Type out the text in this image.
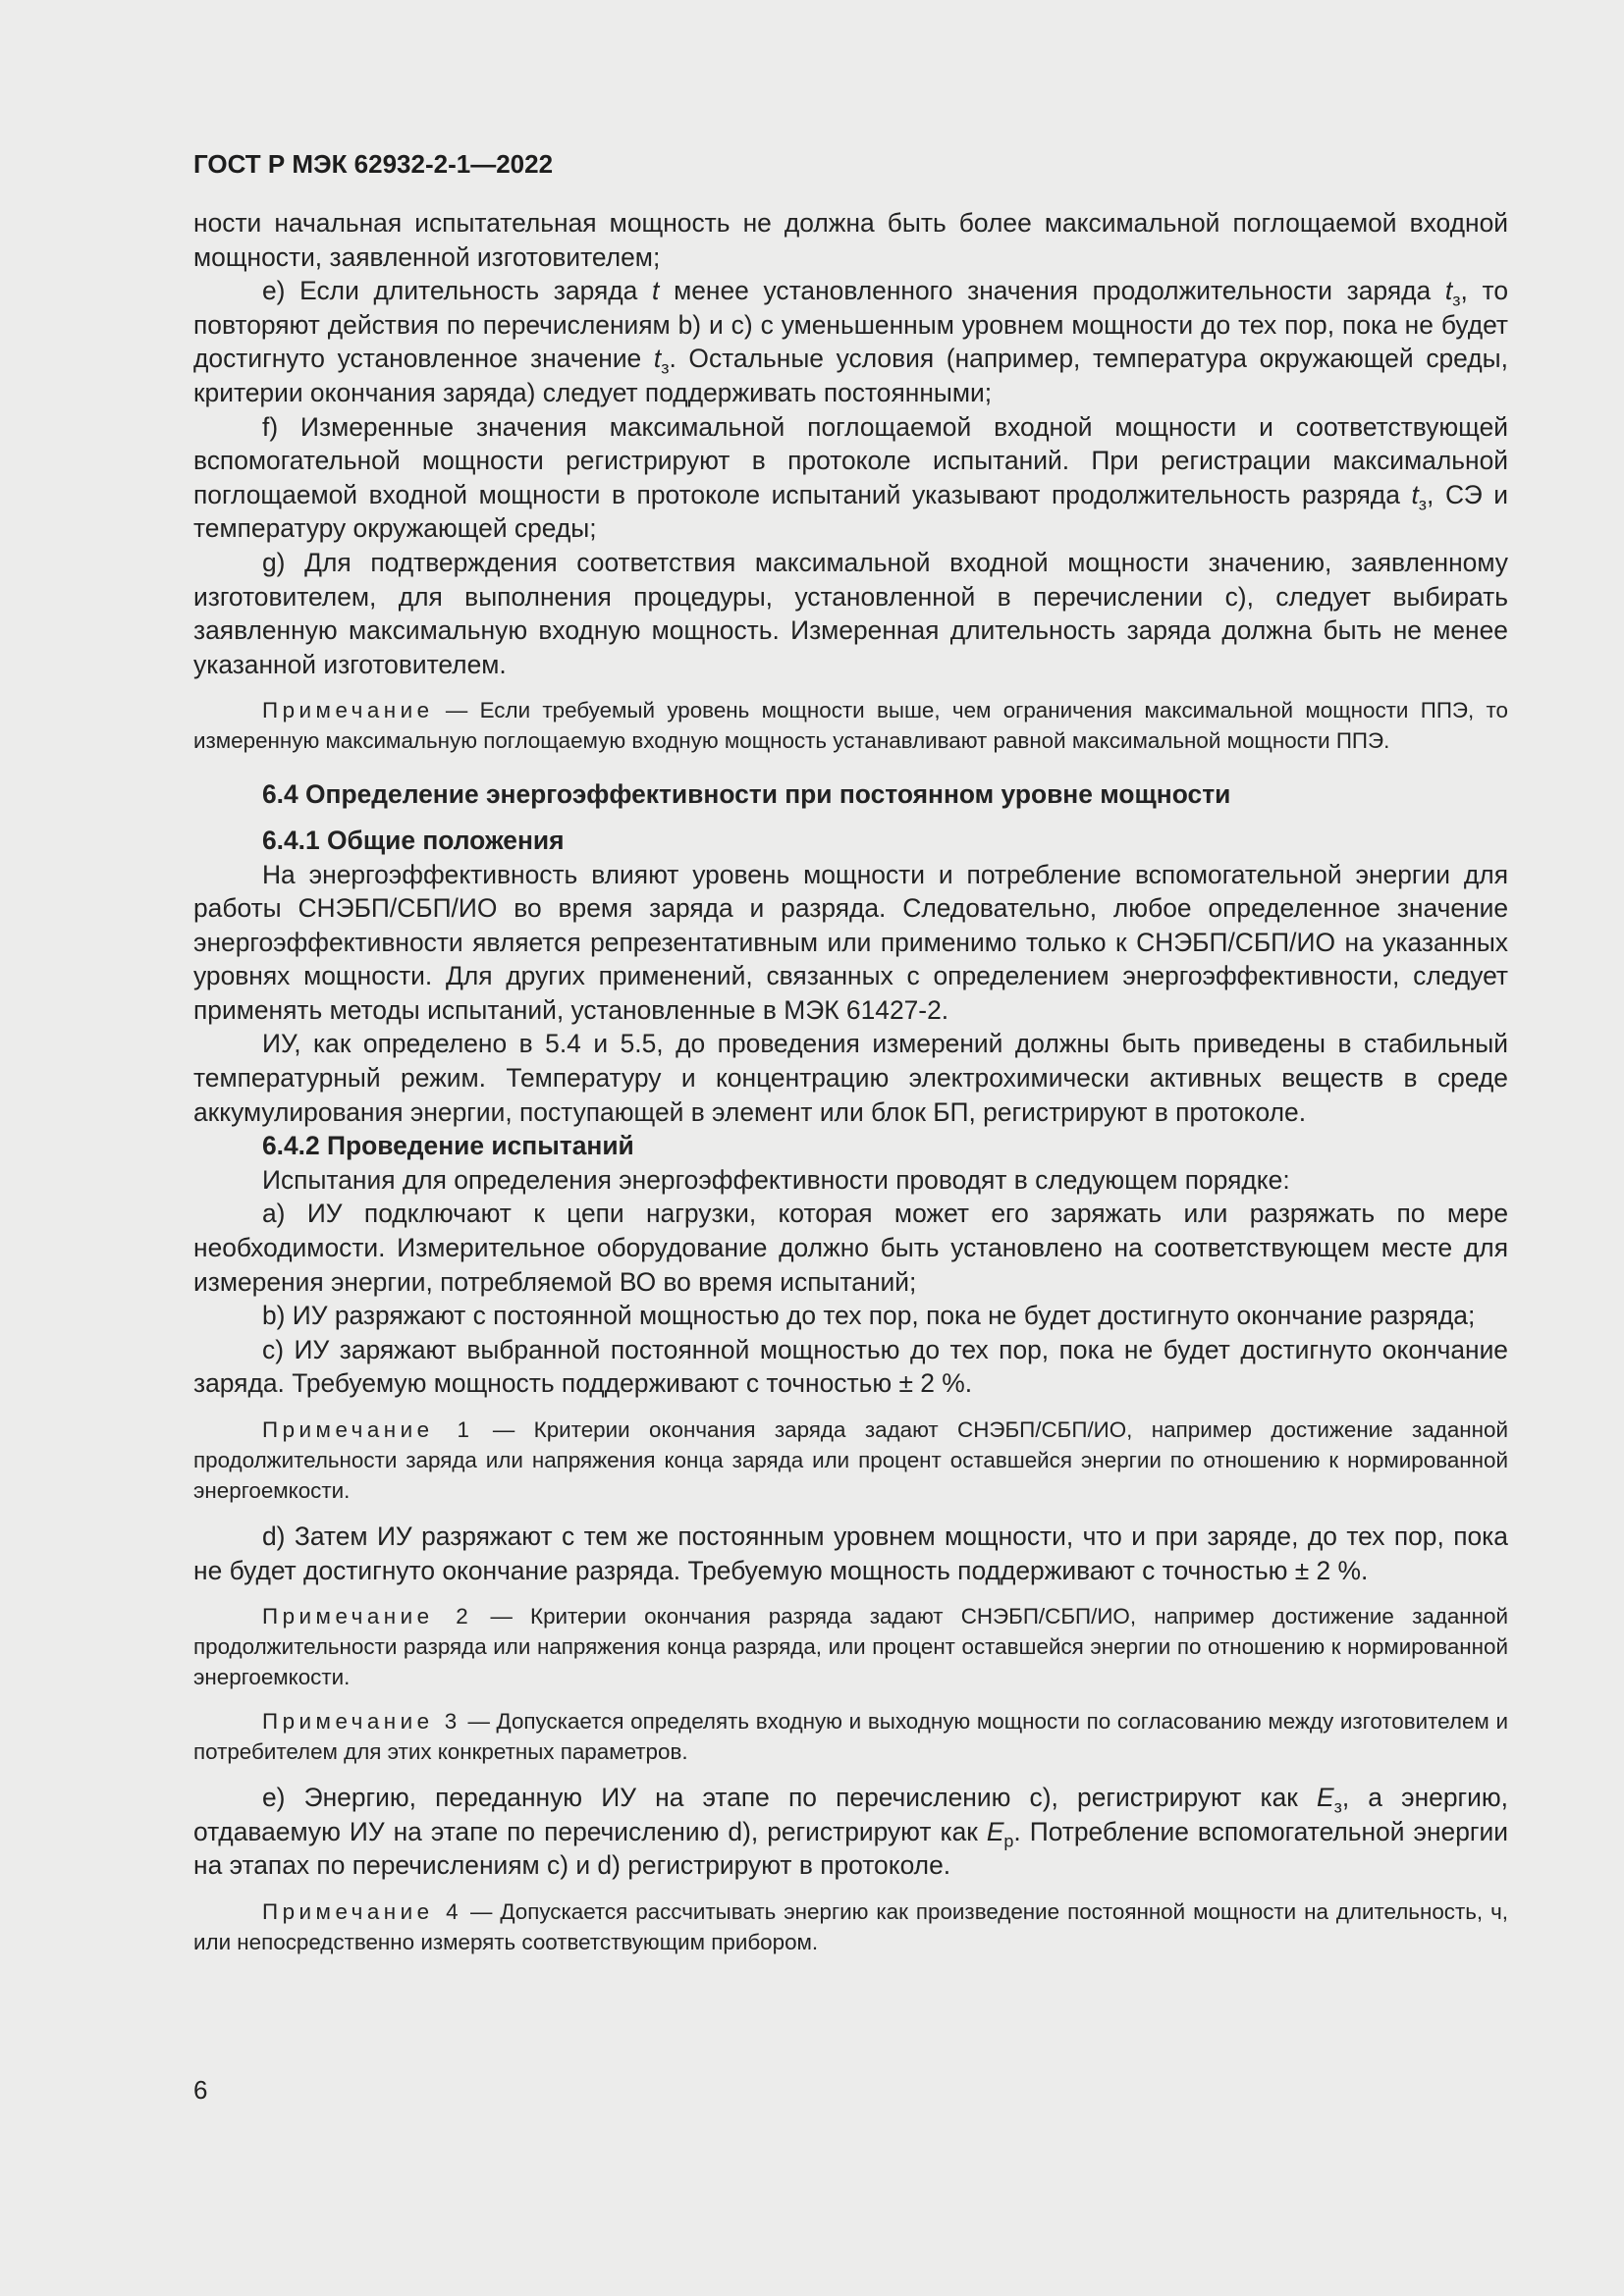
ГОСТ Р МЭК 62932-2-1—2022

ности начальная испытательная мощность не должна быть более максимальной поглощаемой входной мощности, заявленной изготовителем;

e) Если длительность заряда t менее установленного значения продолжительности заряда $t_з$, то повторяют действия по перечислениям b) и c) с уменьшенным уровнем мощности до тех пор, пока не будет достигнуто установленное значение $t_з$. Остальные условия (например, температура окружающей среды, критерии окончания заряда) следует поддерживать постоянными;

f) Измеренные значения максимальной поглощаемой входной мощности и соответствующей вспомогательной мощности регистрируют в протоколе испытаний. При регистрации максимальной поглощаемой входной мощности в протоколе испытаний указывают продолжительность разряда $t_з$, СЭ и температуру окружающей среды;

g) Для подтверждения соответствия максимальной входной мощности значению, заявленному изготовителем, для выполнения процедуры, установленной в перечислении c), следует выбирать заявленную максимальную входную мощность. Измеренная длительность заряда должна быть не менее указанной изготовителем.

Примечание — Если требуемый уровень мощности выше, чем ограничения максимальной мощности ППЭ, то измеренную максимальную поглощаемую входную мощность устанавливают равной максимальной мощности ППЭ.

6.4 Определение энергоэффективности при постоянном уровне мощности
6.4.1 Общие положения

На энергоэффективность влияют уровень мощности и потребление вспомогательной энергии для работы СНЭБП/СБП/ИО во время заряда и разряда. Следовательно, любое определенное значение энергоэффективности является репрезентативным или применимо только к СНЭБП/СБП/ИО на указанных уровнях мощности. Для других применений, связанных с определением энергоэффективности, следует применять методы испытаний, установленные в МЭК 61427-2.

ИУ, как определено в 5.4 и 5.5, до проведения измерений должны быть приведены в стабильный температурный режим. Температуру и концентрацию электрохимически активных веществ в среде аккумулирования энергии, поступающей в элемент или блок БП, регистрируют в протоколе.

6.4.2 Проведение испытаний

Испытания для определения энергоэффективности проводят в следующем порядке:

a) ИУ подключают к цепи нагрузки, которая может его заряжать или разряжать по мере необходимости. Измерительное оборудование должно быть установлено на соответствующем месте для измерения энергии, потребляемой ВО во время испытаний;

b) ИУ разряжают с постоянной мощностью до тех пор, пока не будет достигнуто окончание разряда;

c) ИУ заряжают выбранной постоянной мощностью до тех пор, пока не будет достигнуто окончание заряда. Требуемую мощность поддерживают с точностью ± 2 %.

Примечание 1 — Критерии окончания заряда задают СНЭБП/СБП/ИО, например достижение заданной продолжительности заряда или напряжения конца заряда или процент оставшейся энергии по отношению к нормированной энергоемкости.

d) Затем ИУ разряжают с тем же постоянным уровнем мощности, что и при заряде, до тех пор, пока не будет достигнуто окончание разряда. Требуемую мощность поддерживают с точностью ± 2 %.

Примечание 2 — Критерии окончания разряда задают СНЭБП/СБП/ИО, например достижение заданной продолжительности разряда или напряжения конца разряда, или процент оставшейся энергии по отношению к нормированной энергоемкости.

Примечание 3 — Допускается определять входную и выходную мощности по согласованию между изготовителем и потребителем для этих конкретных параметров.

e) Энергию, переданную ИУ на этапе по перечислению c), регистрируют как $E_з$, а энергию, отдаваемую ИУ на этапе по перечислению d), регистрируют как $E_р$. Потребление вспомогательной энергии на этапах по перечислениям c) и d) регистрируют в протоколе.

Примечание 4 — Допускается рассчитывать энергию как произведение постоянной мощности на длительность, ч, или непосредственно измерять соответствующим прибором.

6
